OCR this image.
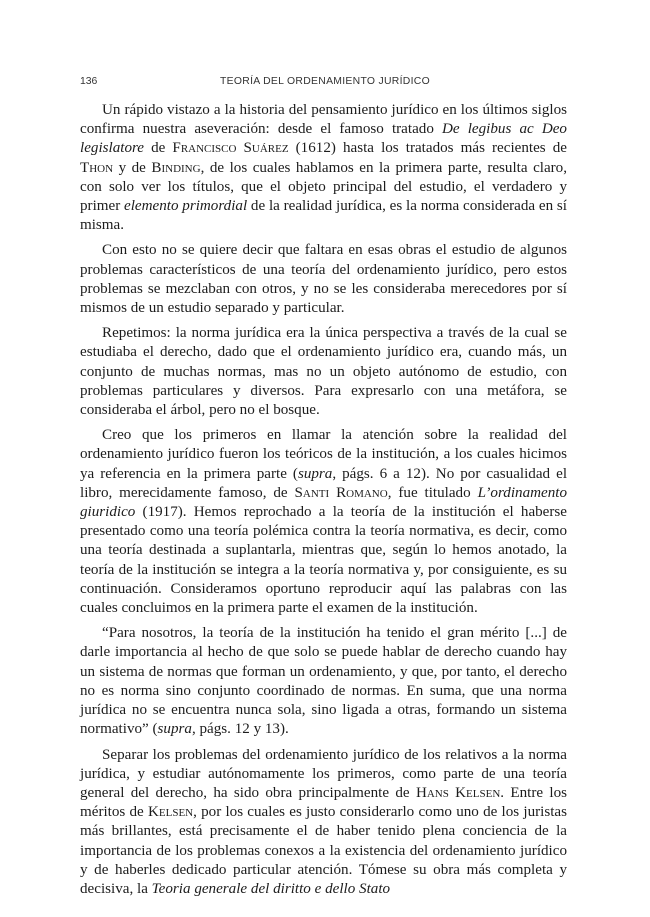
136	TEORÍA DEL ORDENAMIENTO JURÍDICO

Un rápido vistazo a la historia del pensamiento jurídico en los últimos siglos confirma nuestra aseveración: desde el famoso tratado De legibus ac Deo legislatore de Francisco Suárez (1612) hasta los tratados más recientes de Thon y de Binding, de los cuales hablamos en la primera parte, resulta claro, con solo ver los títulos, que el objeto principal del estudio, el verdadero y primer elemento primordial de la realidad jurídica, es la norma considerada en sí misma.

Con esto no se quiere decir que faltara en esas obras el estudio de algunos problemas característicos de una teoría del ordenamiento jurídico, pero estos problemas se mezclaban con otros, y no se les consideraba merecedores por sí mismos de un estudio separado y particular.

Repetimos: la norma jurídica era la única perspectiva a través de la cual se estudiaba el derecho, dado que el ordenamiento jurídico era, cuando más, un conjunto de muchas normas, mas no un objeto autónomo de estudio, con problemas particulares y diversos. Para expresarlo con una metáfora, se consideraba el árbol, pero no el bosque.

Creo que los primeros en llamar la atención sobre la realidad del ordenamiento jurídico fueron los teóricos de la institución, a los cuales hicimos ya referencia en la primera parte (supra, págs. 6 a 12). No por casualidad el libro, merecidamente famoso, de Santi Romano, fue titulado L’ordinamento giuridico (1917). Hemos reprochado a la teoría de la institución el haberse presentado como una teoría polémica contra la teoría normativa, es decir, como una teoría destinada a suplantarla, mientras que, según lo hemos anotado, la teoría de la institución se integra a la teoría normativa y, por consiguiente, es su continuación. Consideramos oportuno reproducir aquí las palabras con las cuales concluimos en la primera parte el examen de la institución.

“Para nosotros, la teoría de la institución ha tenido el gran mérito [...] de darle importancia al hecho de que solo se puede hablar de derecho cuando hay un sistema de normas que forman un ordenamiento, y que, por tanto, el derecho no es norma sino conjunto coordinado de normas. En suma, que una norma jurídica no se encuentra nunca sola, sino ligada a otras, formando un sistema normativo” (supra, págs. 12 y 13).

Separar los problemas del ordenamiento jurídico de los relativos a la norma jurídica, y estudiar autónomamente los primeros, como parte de una teoría general del derecho, ha sido obra principalmente de Hans Kelsen. Entre los méritos de Kelsen, por los cuales es justo considerarlo como uno de los juristas más brillantes, está precisamente el de haber tenido plena conciencia de la importancia de los problemas conexos a la existencia del ordenamiento jurídico y de haberles dedicado particular atención. Tómese su obra más completa y decisiva, la Teoria generale del diritto e dello Stato
